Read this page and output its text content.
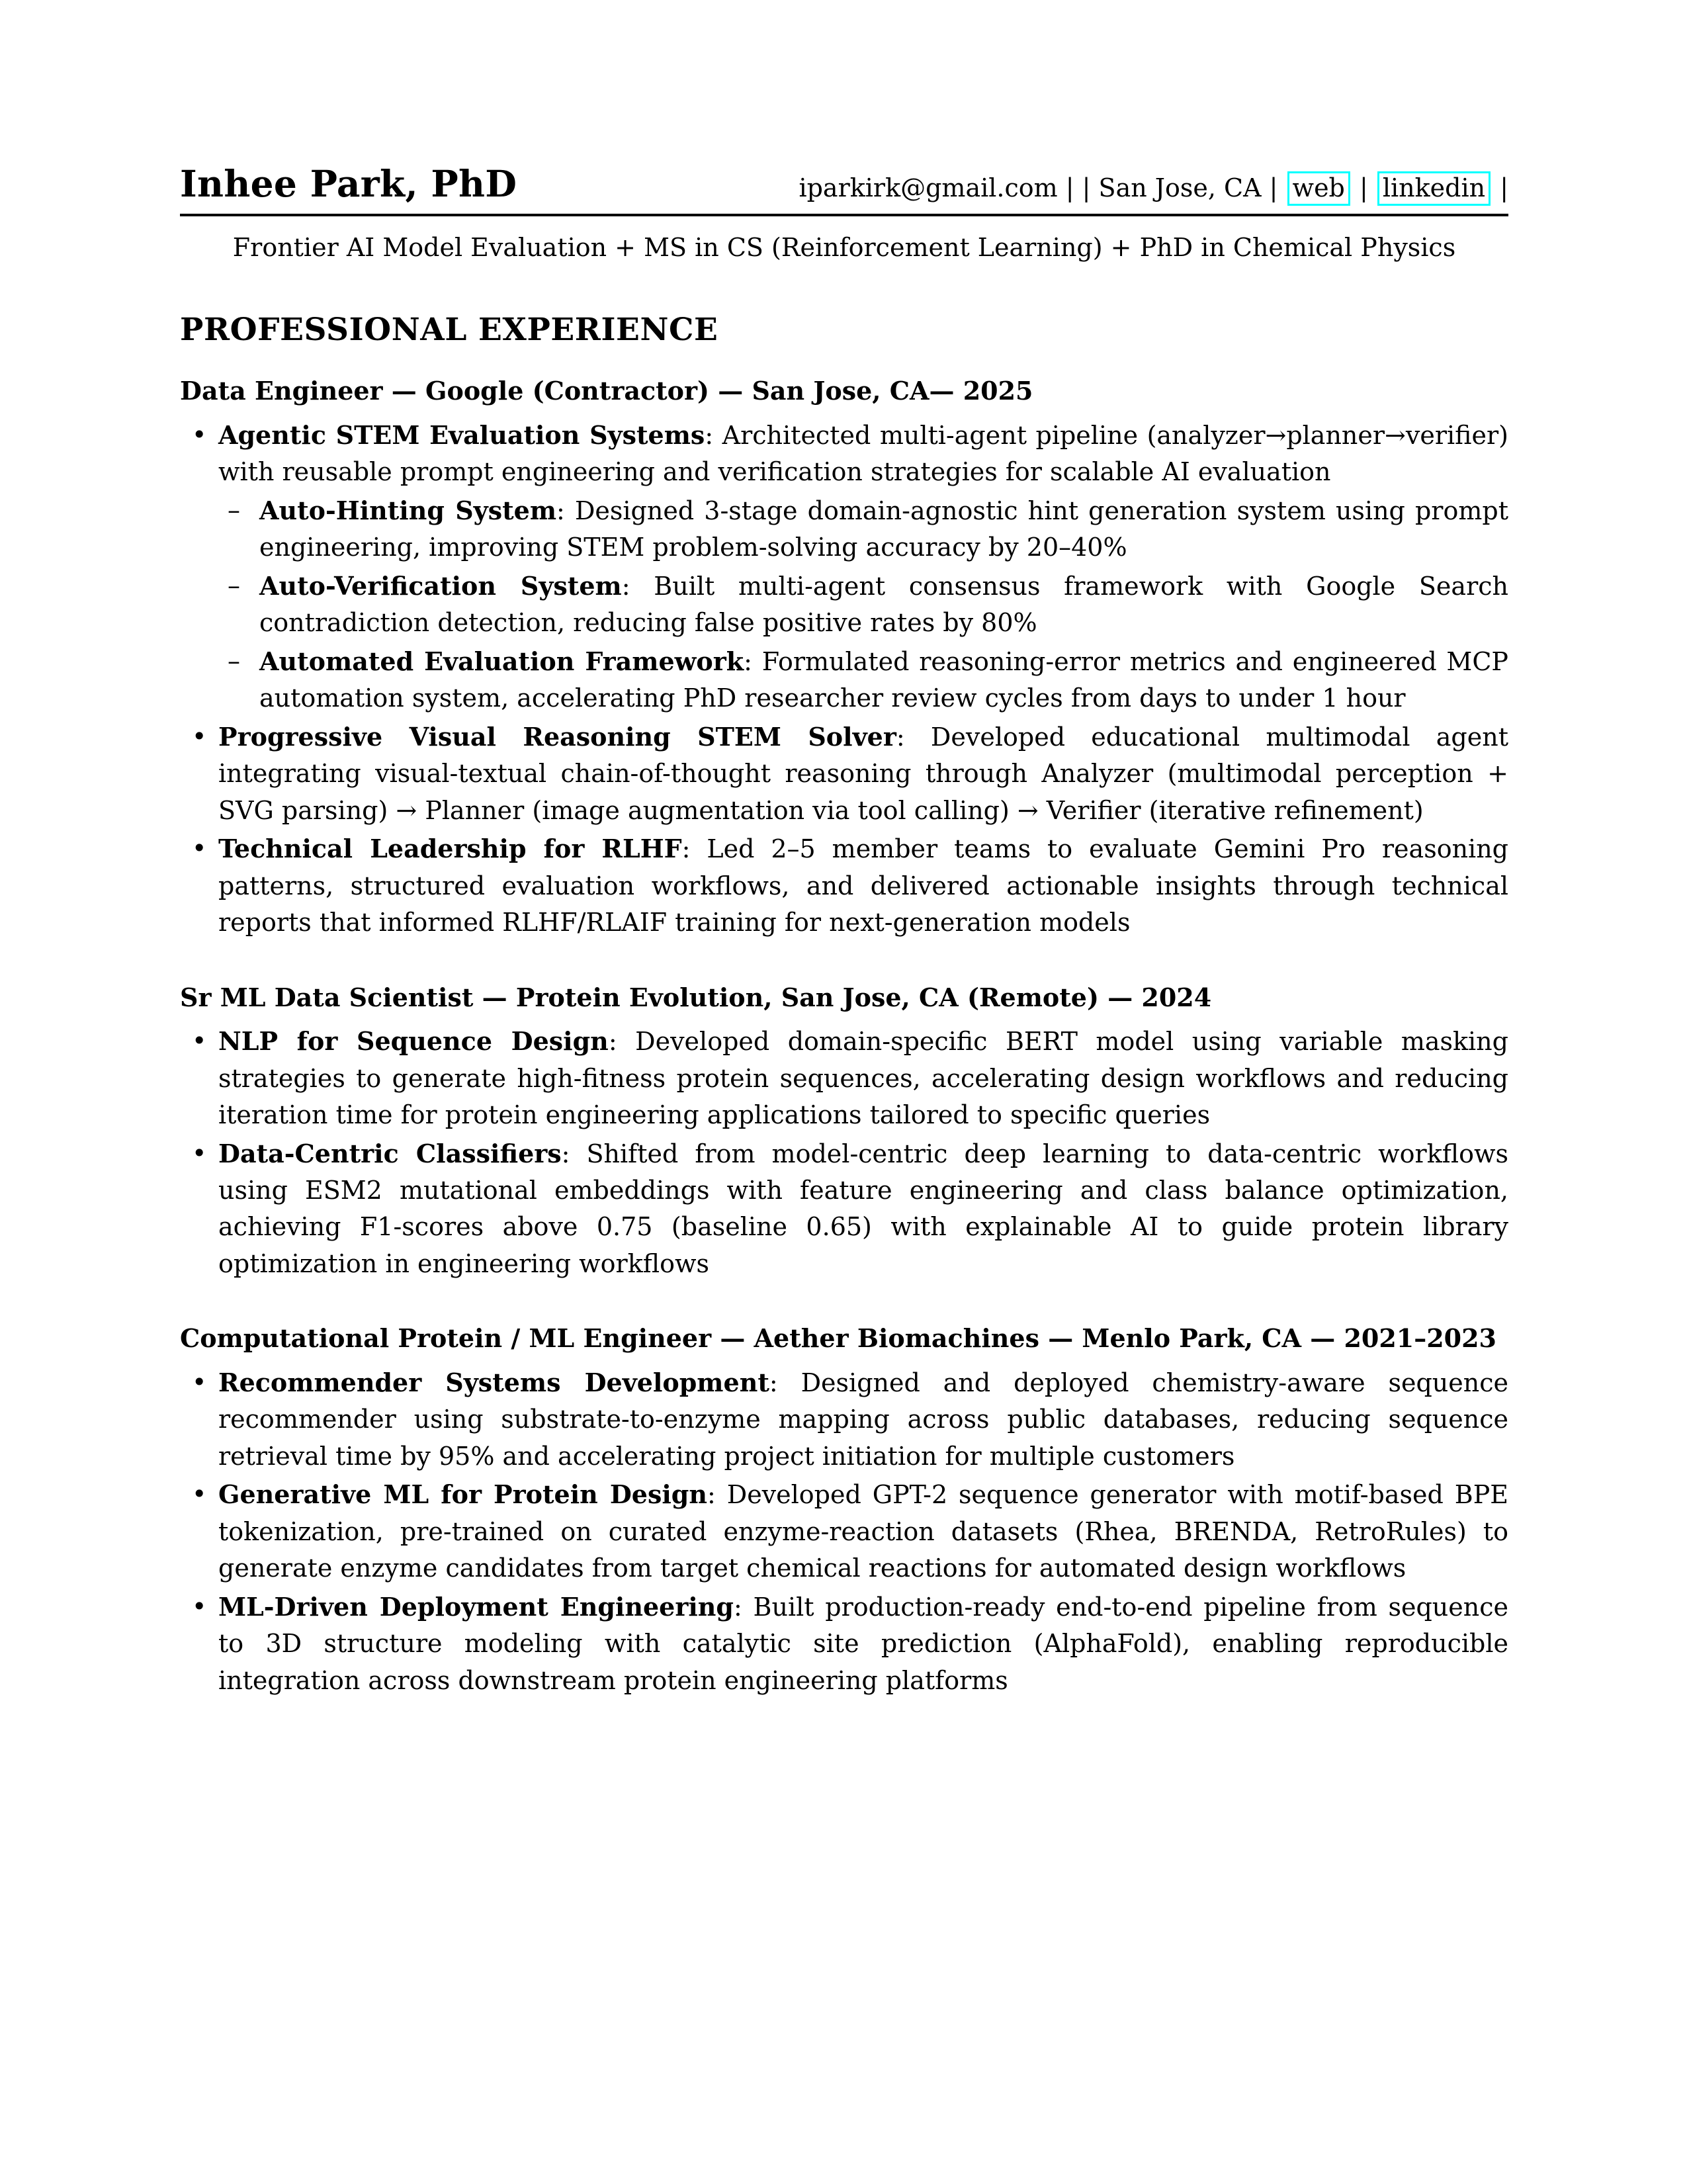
Inhee Park, PhD	iparkirk@gmail.com | | San Jose, CA | web | linkedin |
Frontier AI Model Evaluation + MS in CS (Reinforcement Learning) + PhD in Chemical Physics
PROFESSIONAL EXPERIENCE
Data Engineer — Google (Contractor) — San Jose, CA— 2025
• Agentic STEM Evaluation Systems: Architected multi-agent pipeline (analyzer→planner→verifier) with reusable prompt engineering and verification strategies for scalable AI evaluation
– Auto-Hinting System: Designed 3-stage domain-agnostic hint generation system using prompt engineering, improving STEM problem-solving accuracy by 20–40%
– Auto-Verification System: Built multi-agent consensus framework with Google Search contradiction detection, reducing false positive rates by 80%
– Automated Evaluation Framework: Formulated reasoning-error metrics and engineered MCP automation system, accelerating PhD researcher review cycles from days to under 1 hour
• Progressive Visual Reasoning STEM Solver: Developed educational multimodal agent integrating visual-textual chain-of-thought reasoning through Analyzer (multimodal perception + SVG parsing) → Planner (image augmentation via tool calling) → Verifier (iterative refinement)
• Technical Leadership for RLHF: Led 2–5 member teams to evaluate Gemini Pro reasoning patterns, structured evaluation workflows, and delivered actionable insights through technical reports that informed RLHF/RLAIF training for next-generation models
Sr ML Data Scientist — Protein Evolution, San Jose, CA (Remote) — 2024
• NLP for Sequence Design: Developed domain-specific BERT model using variable masking strategies to generate high-fitness protein sequences, accelerating design workflows and reducing iteration time for protein engineering applications tailored to specific queries
• Data-Centric Classifiers: Shifted from model-centric deep learning to data-centric workflows using ESM2 mutational embeddings with feature engineering and class balance optimization, achieving F1-scores above 0.75 (baseline 0.65) with explainable AI to guide protein library optimization in engineering workflows
Computational Protein / ML Engineer — Aether Biomachines — Menlo Park, CA — 2021–2023
• Recommender Systems Development: Designed and deployed chemistry-aware sequence recommender using substrate-to-enzyme mapping across public databases, reducing sequence retrieval time by 95% and accelerating project initiation for multiple customers
• Generative ML for Protein Design: Developed GPT-2 sequence generator with motif-based BPE tokenization, pre-trained on curated enzyme-reaction datasets (Rhea, BRENDA, RetroRules) to generate enzyme candidates from target chemical reactions for automated design workflows
• ML-Driven Deployment Engineering: Built production-ready end-to-end pipeline from sequence to 3D structure modeling with catalytic site prediction (AlphaFold), enabling reproducible integration across downstream protein engineering platforms
